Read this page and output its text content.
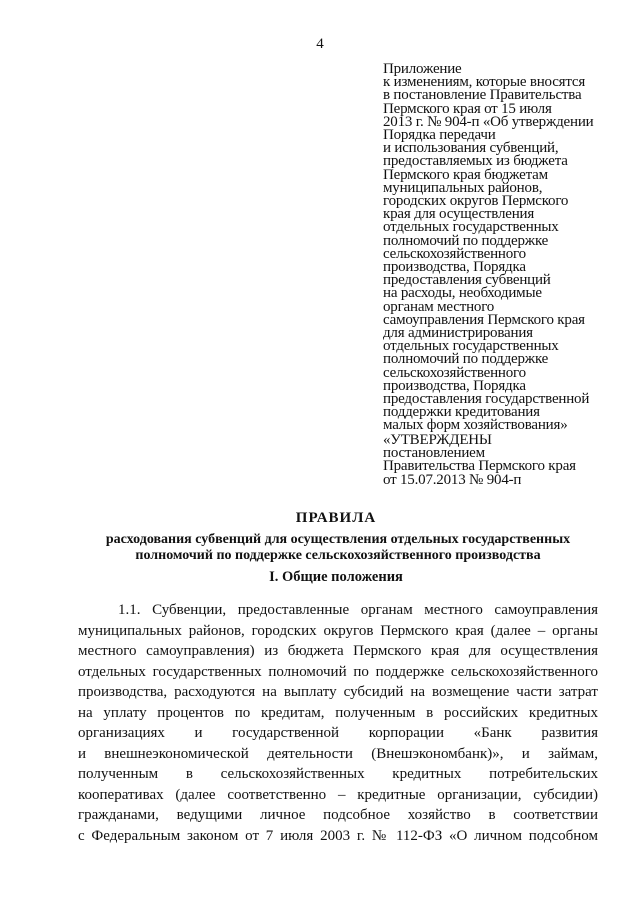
4
Приложение
к изменениям, которые вносятся
в постановление Правительства
Пермского края от 15 июля
2013 г. № 904-п «Об утверждении
Порядка передачи
и использования субвенций,
предоставляемых из бюджета
Пермского края бюджетам
муниципальных районов,
городских округов Пермского
края для осуществления
отдельных государственных
полномочий по поддержке
сельскохозяйственного
производства, Порядка
предоставления субвенций
на расходы, необходимые
органам местного
самоуправления Пермского края
для администрирования
отдельных государственных
полномочий по поддержке
сельскохозяйственного
производства, Порядка
предоставления государственной
поддержки кредитования
малых форм хозяйствования»
«УТВЕРЖДЕНЫ
постановлением
Правительства Пермского края
от 15.07.2013 № 904-п
ПРАВИЛА
расходования субвенций для осуществления отдельных государственных
полномочий по поддержке сельскохозяйственного производства
I. Общие положения
1.1. Субвенции, предоставленные органам местного самоуправления
муниципальных районов, городских округов Пермского края (далее – органы
местного самоуправления) из бюджета Пермского края для осуществления
отдельных государственных полномочий по поддержке сельскохозяйственного
производства, расходуются на выплату субсидий на возмещение части затрат
на уплату процентов по кредитам, полученным в российских кредитных
организациях и государственной корпорации «Банк развития
и внешнеэкономической деятельности (Внешэкономбанк)», и займам,
полученным в сельскохозяйственных кредитных потребительских
кооперативах (далее соответственно – кредитные организации, субсидии)
гражданами, ведущими личное подсобное хозяйство в соответствии
с Федеральным законом от 7 июля 2003 г. № 112-ФЗ «О личном подсобном
